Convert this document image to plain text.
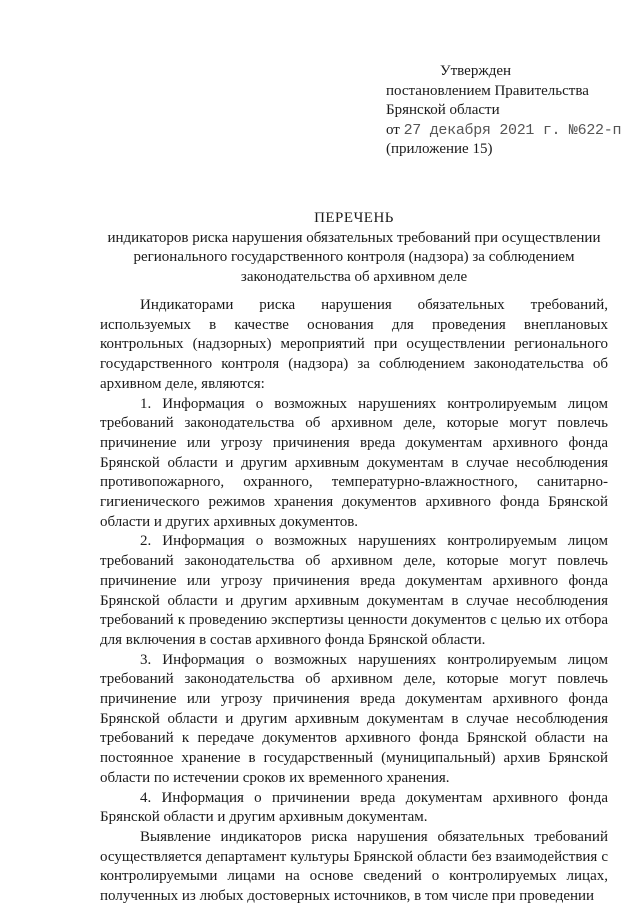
Утвержден
постановлением Правительства
Брянской области
от 27 декабря 2021 г. №622-п
(приложение 15)
ПЕРЕЧЕНЬ
индикаторов риска нарушения обязательных требований при осуществлении регионального государственного контроля (надзора) за соблюдением законодательства об архивном деле

Индикаторами риска нарушения обязательных требований, используемых в качестве основания для проведения внеплановых контрольных (надзорных) мероприятий при осуществлении регионального государственного контроля (надзора) за соблюдением законодательства об архивном деле, являются:

1. Информация о возможных нарушениях контролируемым лицом требований законодательства об архивном деле, которые могут повлечь причинение или угрозу причинения вреда документам архивного фонда Брянской области и другим архивным документам в случае несоблюдения противопожарного, охранного, температурно-влажностного, санитарно-гигиенического режимов хранения документов архивного фонда Брянской области и других архивных документов.

2. Информация о возможных нарушениях контролируемым лицом требований законодательства об архивном деле, которые могут повлечь причинение или угрозу причинения вреда документам архивного фонда Брянской области и другим архивным документам в случае несоблюдения требований к проведению экспертизы ценности документов с целью их отбора для включения в состав архивного фонда Брянской области.

3. Информация о возможных нарушениях контролируемым лицом требований законодательства об архивном деле, которые могут повлечь причинение или угрозу причинения вреда документам архивного фонда Брянской области и другим архивным документам в случае несоблюдения требований к передаче документов архивного фонда Брянской области на постоянное хранение в государственный (муниципальный) архив Брянской области по истечении сроков их временного хранения.

4. Информация о причинении вреда документам архивного фонда Брянской области и другим архивным документам.

Выявление индикаторов риска нарушения обязательных требований осуществляется департамент культуры Брянской области без взаимодействия с контролируемыми лицами на основе сведений о контролируемых лицах, полученных из любых достоверных источников, в том числе при проведении
